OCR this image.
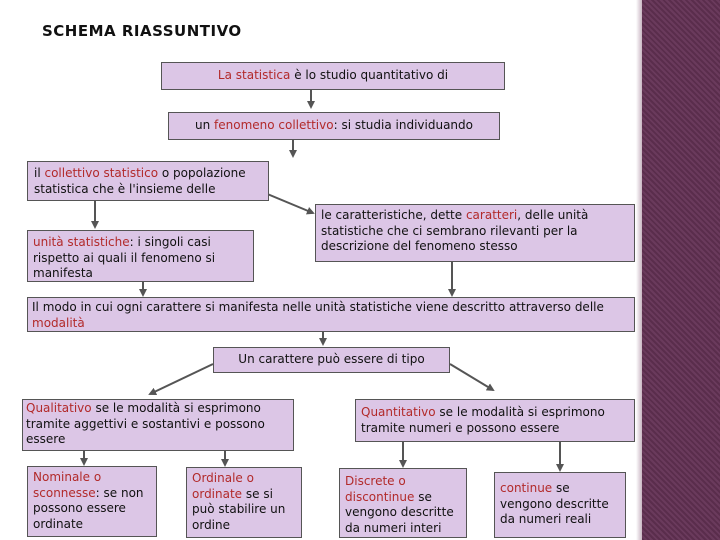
SCHEMA RIASSUNTIVO
La statistica è lo studio quantitativo di
un fenomeno collettivo: si studia individuando
il collettivo statistico o popolazione statistica che è l'insieme delle
unità statistiche: i singoli casi rispetto ai quali il fenomeno si manifesta
le caratteristiche, dette caratteri, delle unità statistiche che ci sembrano rilevanti per la descrizione del fenomeno stesso
Il modo in cui ogni carattere si manifesta nelle unità statistiche viene descritto attraverso delle modalità
Un carattere può essere di tipo
Qualitativo se le modalità si esprimono tramite aggettivi e sostantivi e possono essere
Quantitativo se le modalità si esprimono tramite numeri e possono essere
Nominale o sconnesse: se non possono essere ordinate
Ordinale o ordinate se si può stabilire un ordine
Discrete o discontinue se vengono descritte da numeri interi
continue se vengono descritte da numeri reali
